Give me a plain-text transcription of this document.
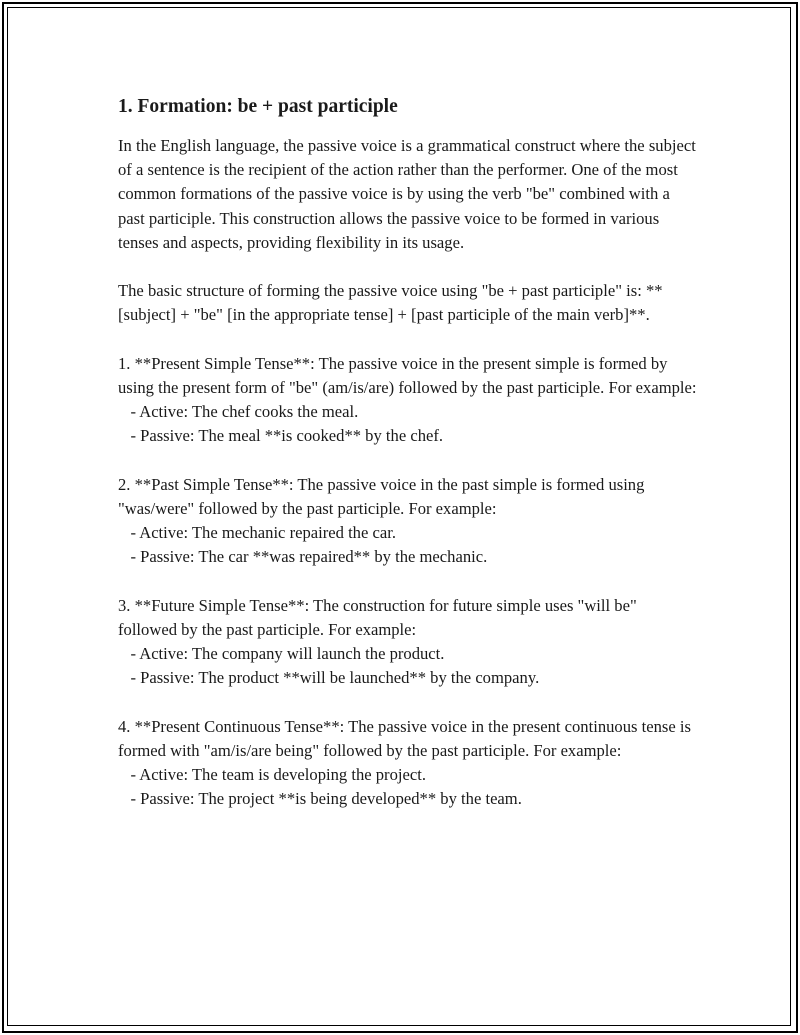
1. Formation: be + past participle

In the English language, the passive voice is a grammatical construct where the subject of a sentence is the recipient of the action rather than the performer. One of the most common formations of the passive voice is by using the verb "be" combined with a past participle. This construction allows the passive voice to be formed in various tenses and aspects, providing flexibility in its usage.

The basic structure of forming the passive voice using "be + past participle" is: **[subject] + "be" [in the appropriate tense] + [past participle of the main verb]**.

1. **Present Simple Tense**: The passive voice in the present simple is formed by using the present form of "be" (am/is/are) followed by the past participle. For example:

- Active: The chef cooks the meal.

- Passive: The meal **is cooked** by the chef.

2. **Past Simple Tense**: The passive voice in the past simple is formed using "was/were" followed by the past participle. For example:

- Active: The mechanic repaired the car.

- Passive: The car **was repaired** by the mechanic.

3. **Future Simple Tense**: The construction for future simple uses "will be" followed by the past participle. For example:

- Active: The company will launch the product.

- Passive: The product **will be launched** by the company.

4. **Present Continuous Tense**: The passive voice in the present continuous tense is formed with "am/is/are being" followed by the past participle. For example:

- Active: The team is developing the project.

- Passive: The project **is being developed** by the team.
